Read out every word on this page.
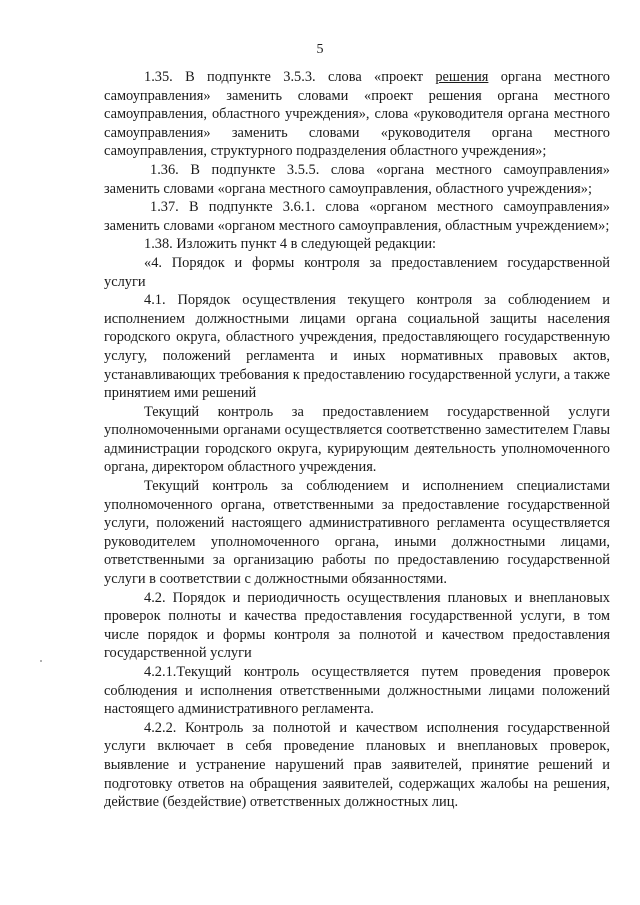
5

1.35. В подпункте 3.5.3. слова «проект решения органа местного самоуправления» заменить словами «проект решения органа местного самоуправления, областного учреждения», слова «руководителя органа местного самоуправления» заменить словами «руководителя органа местного самоуправления, структурного подразделения областного учреждения»;

1.36. В подпункте 3.5.5. слова «органа местного самоуправления» заменить словами «органа местного самоуправления, областного учреждения»;

1.37. В подпункте 3.6.1. слова «органом местного самоуправления» заменить словами «органом местного самоуправления, областным учреждением»;

1.38. Изложить пункт 4 в следующей редакции:

«4. Порядок и формы контроля за предоставлением государственной услуги

4.1. Порядок осуществления текущего контроля за соблюдением и исполнением должностными лицами органа социальной защиты населения городского округа, областного учреждения, предоставляющего государственную услугу, положений регламента и иных нормативных правовых актов, устанавливающих требования к предоставлению государственной услуги, а также принятием ими решений

Текущий контроль за предоставлением государственной услуги уполномоченными органами осуществляется соответственно заместителем Главы администрации городского округа, курирующим деятельность уполномоченного органа, директором областного учреждения.

Текущий контроль за соблюдением и исполнением специалистами уполномоченного органа, ответственными за предоставление государственной услуги, положений настоящего административного регламента осуществляется руководителем уполномоченного органа, иными должностными лицами, ответственными за организацию работы по предоставлению государственной услуги в соответствии с должностными обязанностями.

4.2. Порядок и периодичность осуществления плановых и внеплановых проверок полноты и качества предоставления государственной услуги, в том числе порядок и формы контроля за полнотой и качеством предоставления государственной услуги

4.2.1.Текущий контроль осуществляется путем проведения проверок соблюдения и исполнения ответственными должностными лицами положений настоящего административного регламента.

4.2.2. Контроль за полнотой и качеством исполнения государственной услуги включает в себя проведение плановых и внеплановых проверок, выявление и устранение нарушений прав заявителей, принятие решений и подготовку ответов на обращения заявителей, содержащих жалобы на решения, действие (бездействие) ответственных должностных лиц.
